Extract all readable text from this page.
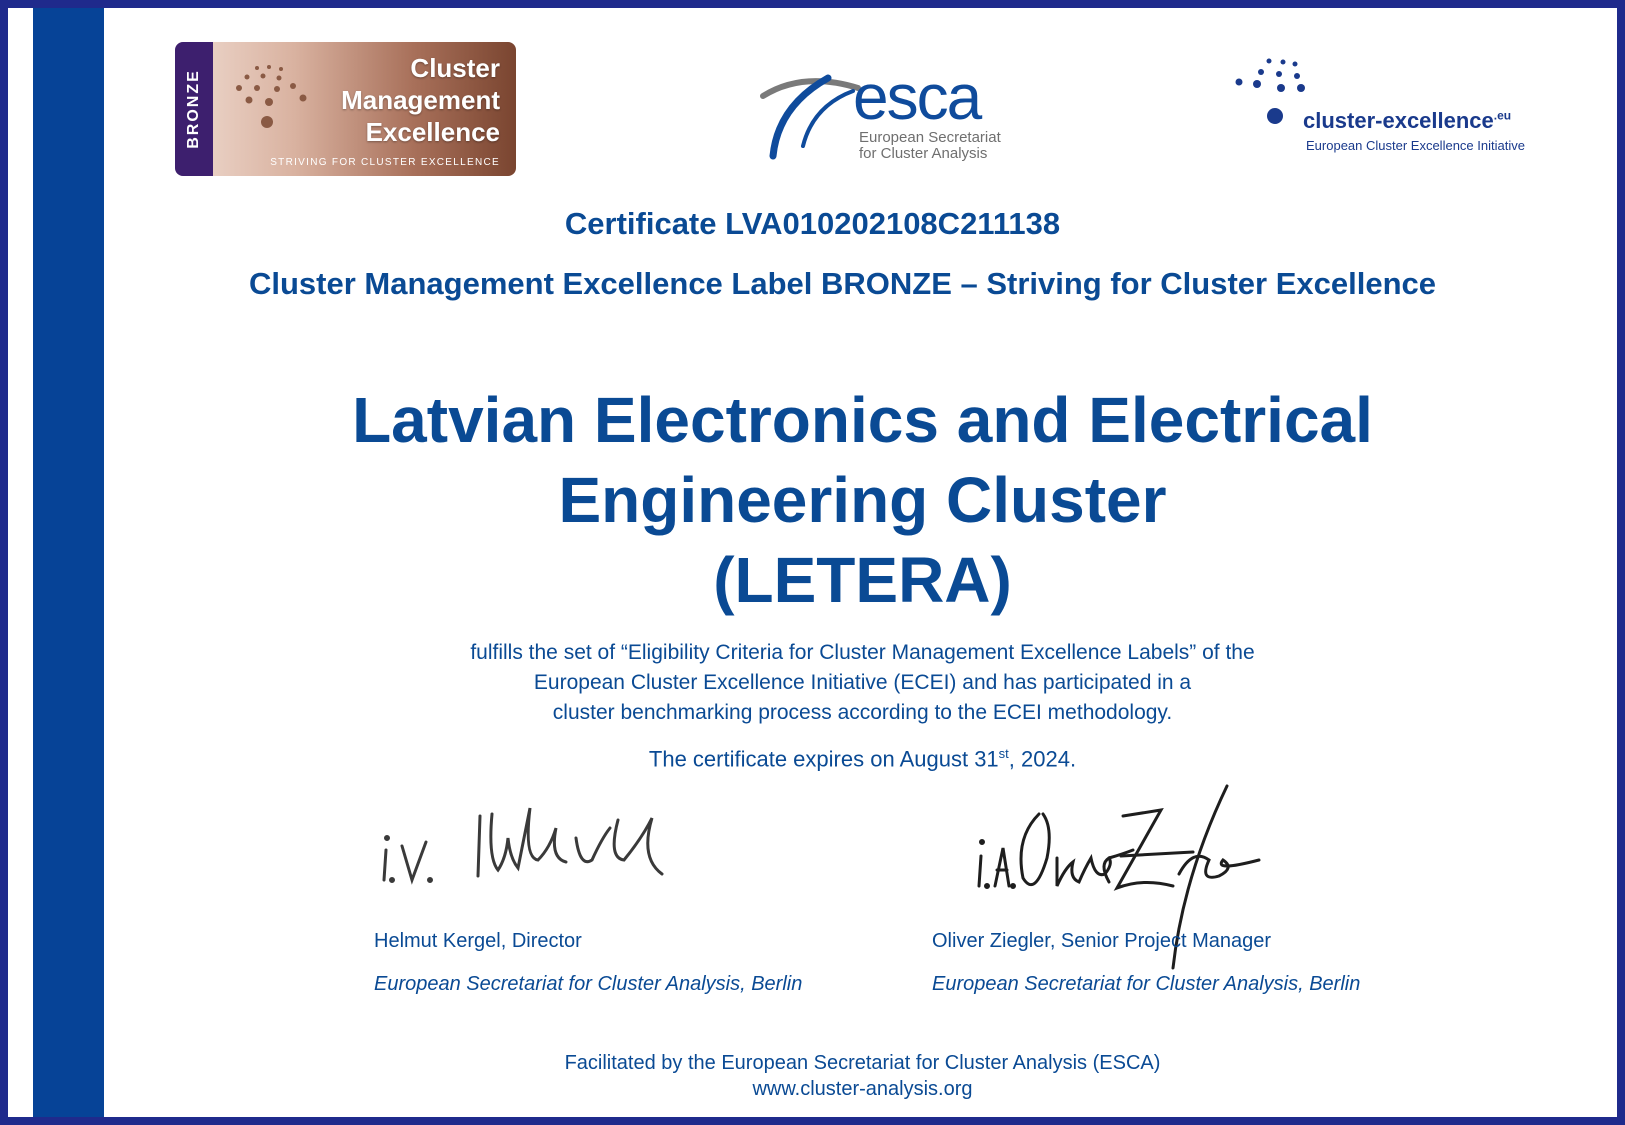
BRONZE
Cluster
Management
Excellence
STRIVING FOR CLUSTER EXCELLENCE
esca
European Secretariat
for Cluster Analysis
cluster-excellence$^{.eu}$
European Cluster Excellence Initiative
Certificate LVA010202108C211138
Cluster Management Excellence Label BRONZE – Striving for Cluster Excellence
Latvian Electronics and Electrical
Engineering Cluster
(LETERA)
fulfills the set of “Eligibility Criteria for Cluster Management Excellence Labels” of the
European Cluster Excellence Initiative (ECEI) and has participated in a
cluster benchmarking process according to the ECEI methodology.
The certificate expires on August 31st, 2024.
Helmut Kergel, Director
European Secretariat for Cluster Analysis, Berlin
Oliver Ziegler, Senior Project Manager
European Secretariat for Cluster Analysis, Berlin
Facilitated by the European Secretariat for Cluster Analysis (ESCA)
www.cluster-analysis.org
